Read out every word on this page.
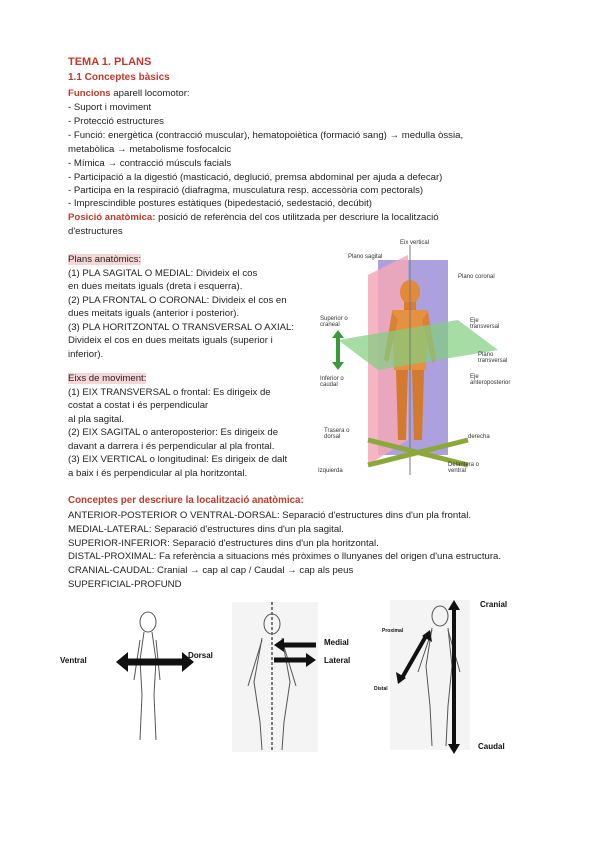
TEMA 1. PLANS
1.1 Conceptes bàsics
Funcions aparell locomotor:
- Suport i moviment
- Protecció estructures
- Funció: energètica (contracció muscular), hematopoiètica (formació sang) → medulla òssia,
metabòlica → metabolisme fosfocalcic
- Mímica → contracció músculs facials
- Participació a la digestió (masticació, deglució, premsa abdominal per ajuda a defecar)
- Participa en la respiració (diafragma, musculatura resp. accessòria com pectorals)
- Imprescindible postures estàtiques (bipedestació, sedestació, decúbit)
Posició anatòmica: posició de referència del cos utilitzada per descriure la localització
d'estructures
Plans anatòmics:
(1) PLA SAGITAL O MEDIAL: Divideix el cos
en dues meitats iguals (dreta i esquerra).
(2) PLA FRONTAL O CORONAL: Divideix el cos en
dues meitats iguals (anterior i posterior).
(3) PLA HORITZONTAL O TRANSVERSAL O AXIAL:
Divideix el cos en dues meitats iguals (superior i
inferior).
Eixs de moviment:
(1) EIX TRANSVERSAL o frontal: Es dirigeix de
costat a costat i és perpendicular
al pla sagital.
(2) EIX SAGITAL o anteroposterior: Es dirigeix de
davant a darrera i és perpendicular al pla frontal.
(3) EIX VERTICAL o longitudinal: Es dirigeix de dalt
a baix i és perpendicular al pla horitzontal.
Eix vertical
Plano sagital
Plano coronal
Superior o craneal
Eje transversal
Plano transversal
Eje anteroposterior
Inferior o caudal
Trasera o dorsal	derecha
Izquierda
Delantera o ventral
Conceptes per descriure la localització anatòmica:
ANTERIOR-POSTERIOR O VENTRAL-DORSAL: Separació d'estructures dins d'un pla frontal.
MEDIAL-LATERAL: Separació d'estructures dins d'un pla sagital.
SUPERIOR-INFERIOR: Separació d'estructures dins d'un pla horitzontal.
DISTAL-PROXIMAL: Fa referència a situacions més pròximes o llunyanes del origen d'una estructura.
CRANIAL-CAUDAL: Cranial → cap al cap / Caudal → cap als peus
SUPERFICIAL-PROFUND
Ventral
Dorsal
Medial
Lateral
Cranial
Caudal
Proximal
Distal
